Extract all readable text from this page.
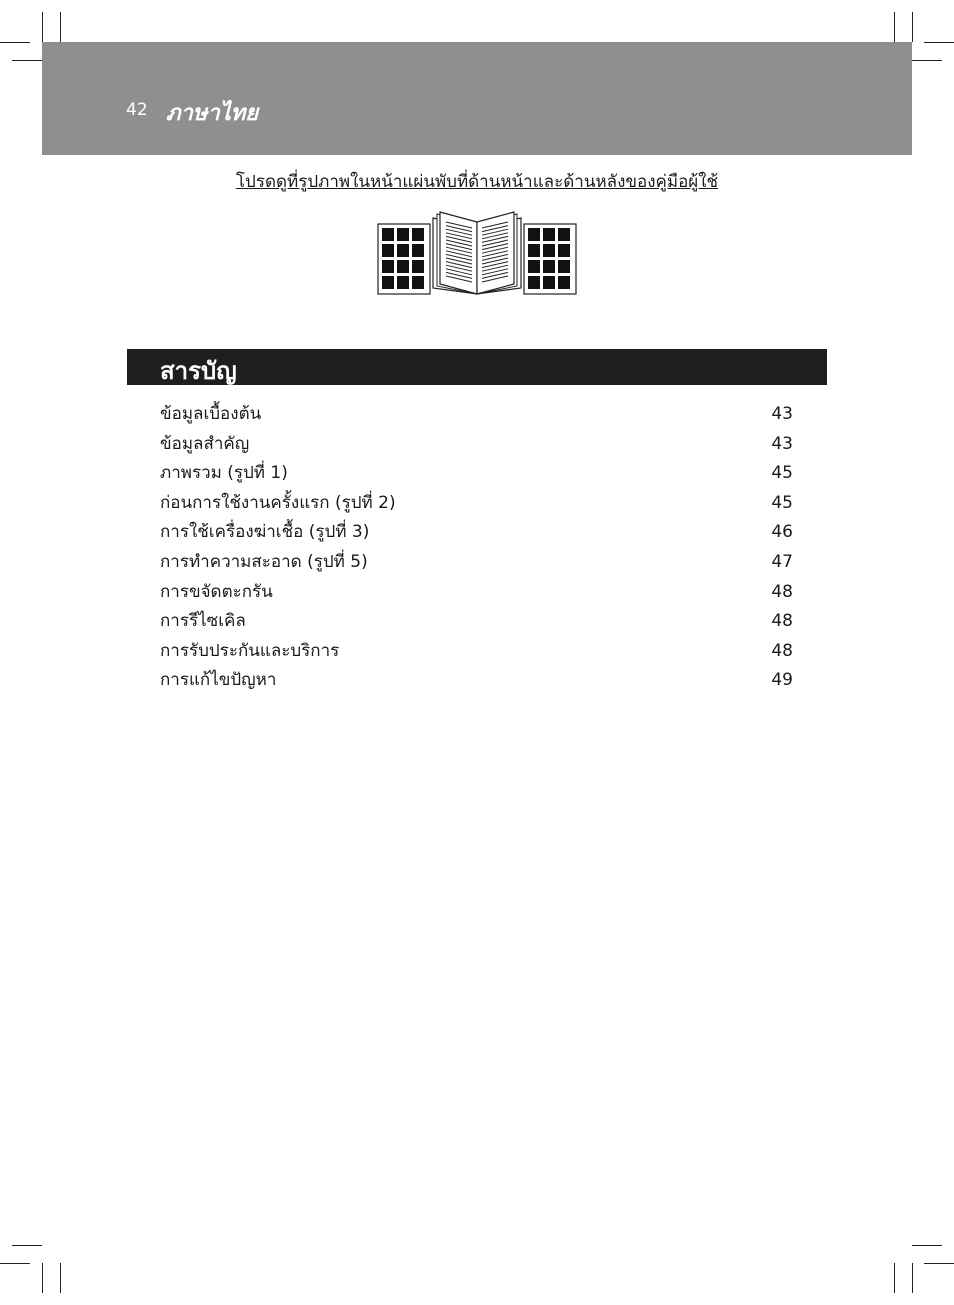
42 ภาษาไทย
โปรดดูที่รูปภาพในหน้าแผ่นพับที่ด้านหน้าและด้านหลังของคู่มือผู้ใช้
สารบัญ
ข้อมูลเบื้องต้น	43
ข้อมูลสำคัญ	43
ภาพรวม (รูปที่ 1)	45
ก่อนการใช้งานครั้งแรก (รูปที่ 2)	45
การใช้เครื่องฆ่าเชื้อ (รูปที่ 3)	46
การทำความสะอาด (รูปที่ 5)	47
การขจัดตะกรัน	48
การรีไซเคิล	48
การรับประกันและบริการ	48
การแก้ไขปัญหา	49
